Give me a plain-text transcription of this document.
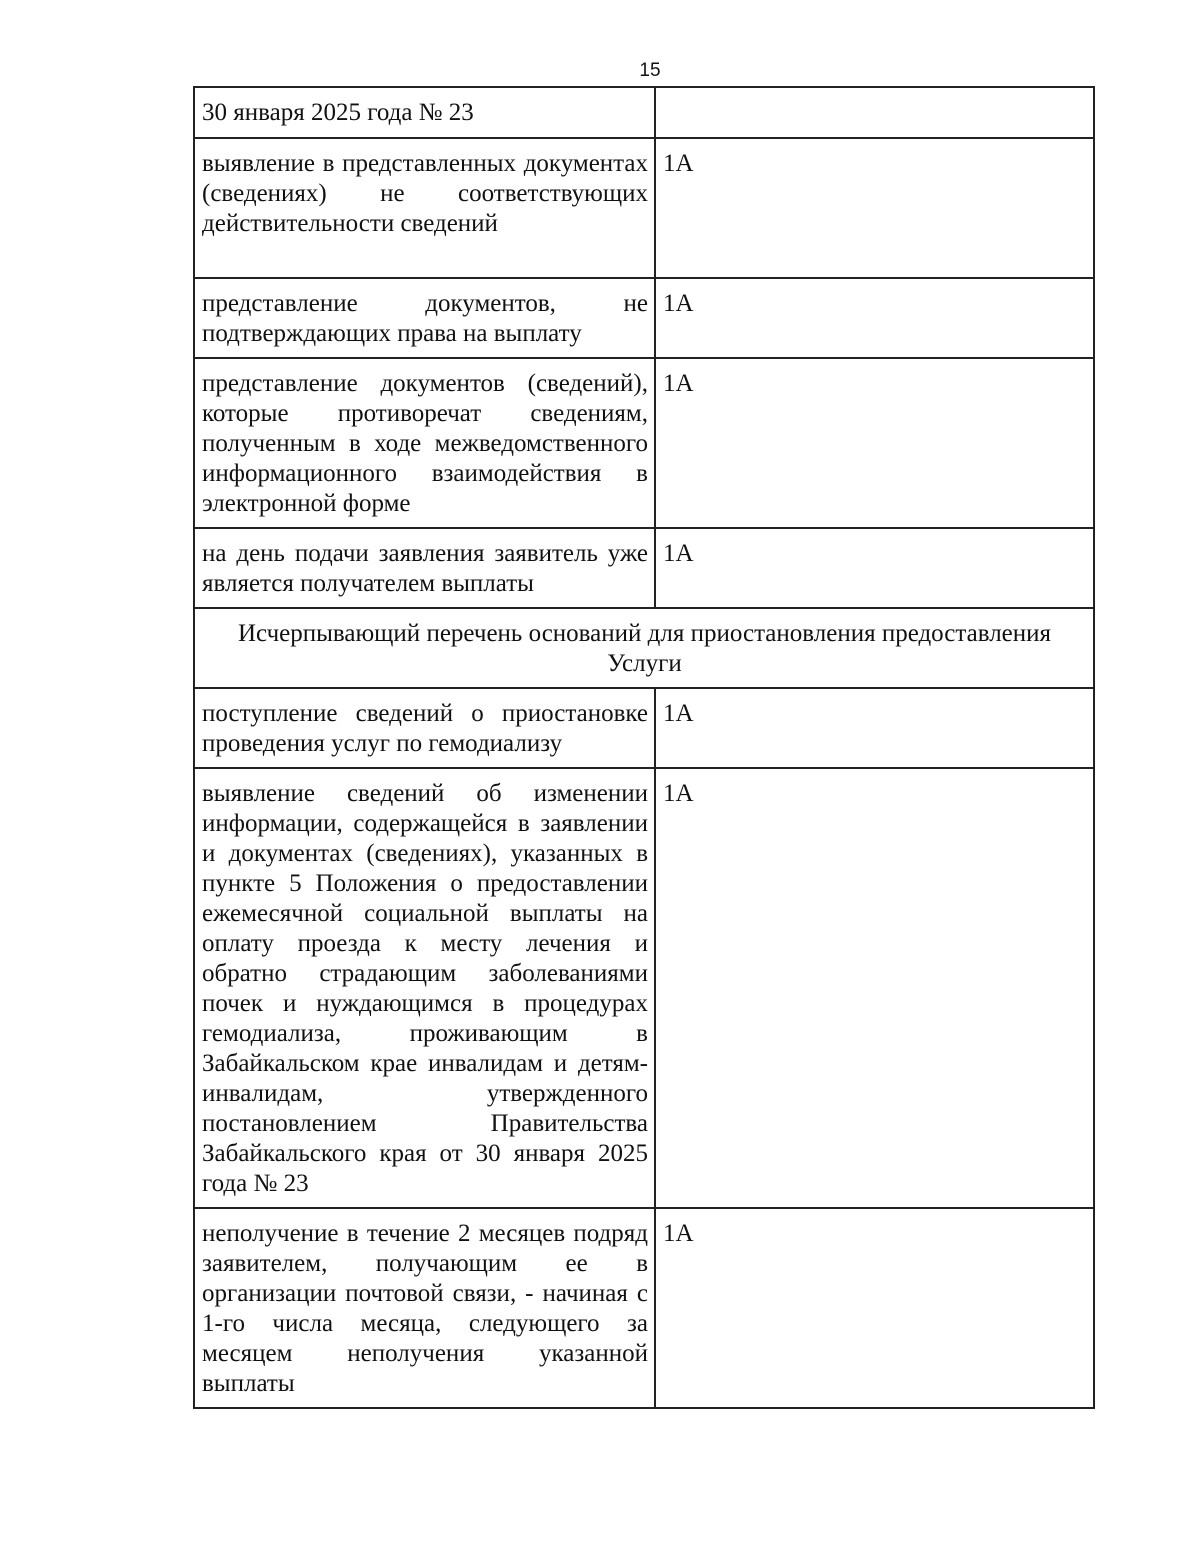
15
30 января 2025 года № 23	

выявление в представленных документах (сведениях) не соответствующих действительности сведений	1А

представление документов, не подтверждающих права на выплату	1А

представление документов (сведений), которые противоречат сведениям, полученным в ходе межведомственного информационного взаимодействия в электронной форме	1А

на день подачи заявления заявитель уже является получателем выплаты	1А

Исчерпывающий перечень оснований для приостановления предоставления Услуги	

поступление сведений о приостановке проведения услуг по гемодиализу	1А

выявление сведений об изменении информации, содержащейся в заявлении и документах (сведениях), указанных в пункте 5 Положения о предоставлении ежемесячной социальной выплаты на оплату проезда к месту лечения и обратно страдающим заболеваниями почек и нуждающимся в процедурах гемодиализа, проживающим в Забайкальском крае инвалидам и детям-инвалидам, утвержденного постановлением Правительства Забайкальского края от 30 января 2025 года № 23	1А

неполучение в течение 2 месяцев подряд заявителем, получающим ее в организации почтовой связи, - начиная с 1-го числа месяца, следующего за месяцем неполучения указанной выплаты	1А
